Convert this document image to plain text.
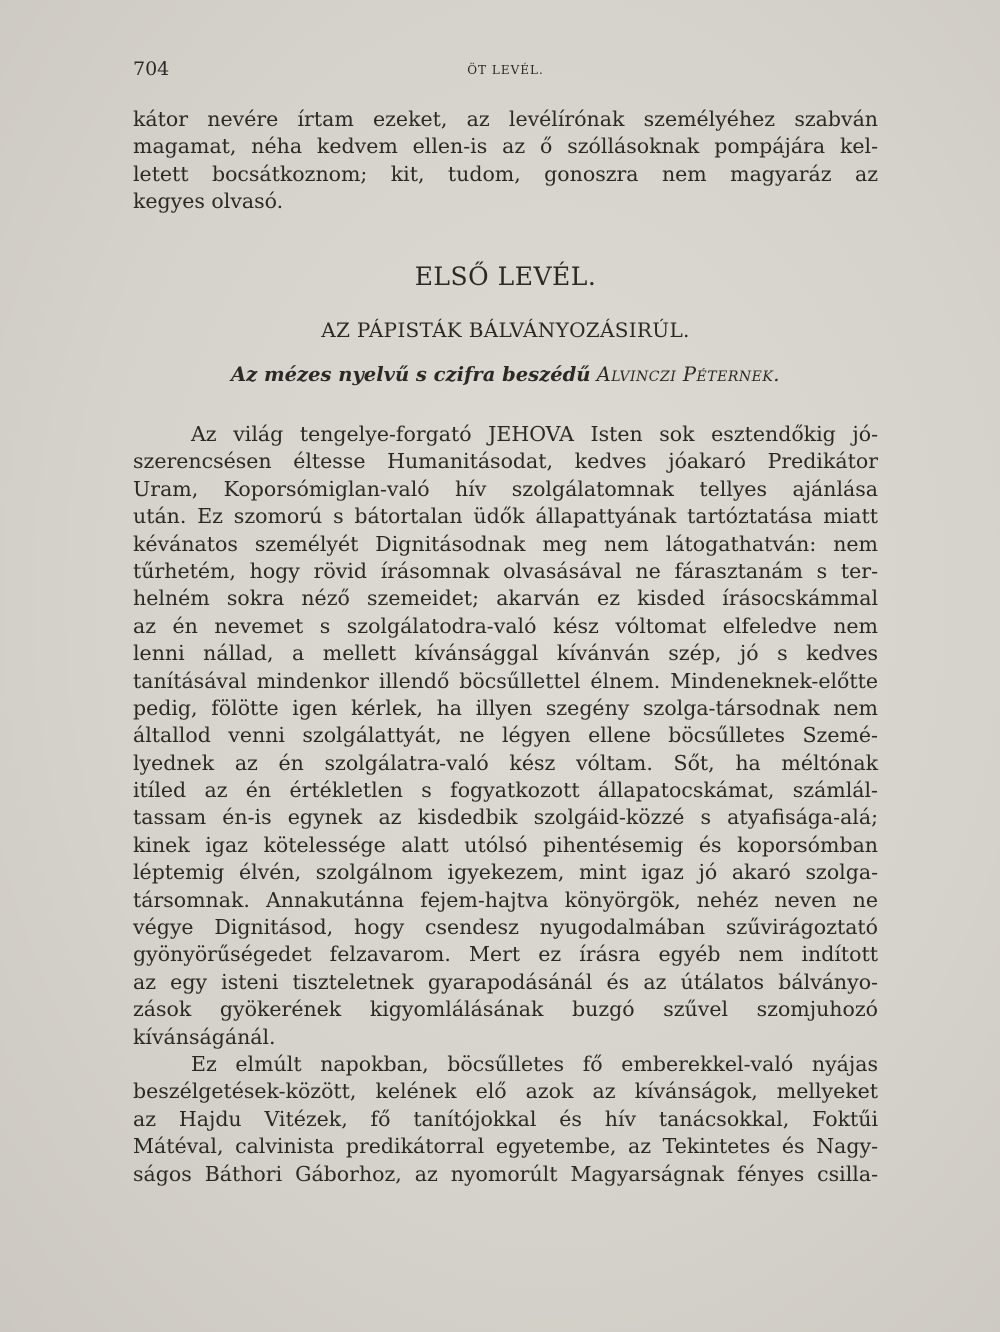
704	ÖT LEVÉL.
kátor nevére írtam ezeket, az levélírónak személyéhez szabván
magamat, néha kedvem ellen-is az ő szóllásoknak pompájára kel-
letett bocsátkoznom; kit, tudom, gonoszra nem magyaráz az
kegyes olvasó.
ELSŐ LEVÉL.
AZ PÁPISTÁK BÁLVÁNYOZÁSIRÚL.
Az mézes nyelvű s czifra beszédű Alvinczi Péternek.
Az világ tengelye-forgató JEHOVA Isten sok esztendőkig jó-
szerencsésen éltesse Humanitásodat, kedves jóakaró Predikátor
Uram, Koporsómiglan-való hív szolgálatomnak tellyes ajánlása
után. Ez szomorú s bátortalan üdők állapattyának tartóztatása miatt
kévánatos személyét Dignitásodnak meg nem látogathatván: nem
tűrhetém, hogy rövid írásomnak olvasásával ne fárasztanám s ter-
helném sokra néző szemeidet; akarván ez kisded írásocskámmal
az én nevemet s szolgálatodra-való kész vóltomat elfeledve nem
lenni nállad, a mellett kívánsággal kívánván szép, jó s kedves
tanításával mindenkor illendő böcsűllettel élnem. Mindeneknek-előtte
pedig, fölötte igen kérlek, ha illyen szegény szolga-társodnak nem
általlod venni szolgálattyát, ne légyen ellene böcsűlletes Szemé-
lyednek az én szolgálatra-való kész vóltam. Sőt, ha méltónak
itíled az én értékletlen s fogyatkozott állapatocskámat, számlál-
tassam én-is egynek az kisdedbik szolgáid-közzé s atyafisága-alá;
kinek igaz kötelessége alatt utólsó pihentésemig és koporsómban
léptemig élvén, szolgálnom igyekezem, mint igaz jó akaró szolga-
társomnak. Annakutánna fejem-hajtva könyörgök, nehéz neven ne
végye Dignitásod, hogy csendesz nyugodalmában szűvirágoztató
gyönyörűségedet felzavarom. Mert ez írásra egyéb nem indított
az egy isteni tiszteletnek gyarapodásánál és az útálatos bálványo-
zások gyökerének kigyomlálásának buzgó szűvel szomjuhozó
kívánságánál.
Ez elmúlt napokban, böcsűlletes fő emberekkel-való nyájas
beszélgetések-között, kelének elő azok az kívánságok, mellyeket
az Hajdu Vitézek, fő tanítójokkal és hív tanácsokkal, Foktűi
Mátéval, calvinista predikátorral egyetembe, az Tekintetes és Nagy-
ságos Báthori Gáborhoz, az nyomorúlt Magyarságnak fényes csilla-
